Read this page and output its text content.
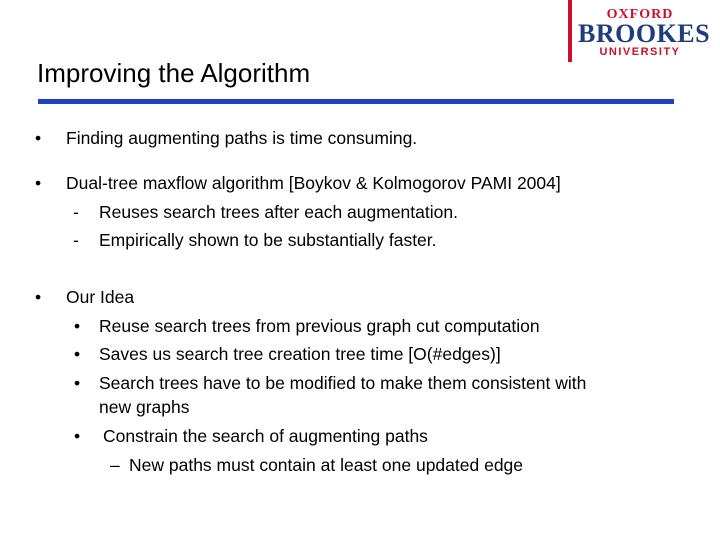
OXFORD
BROOKES
UNIVERSITY
Improving the Algorithm
• Finding augmenting paths is time consuming.
• Dual-tree maxflow algorithm [Boykov & Kolmogorov PAMI 2004]
- Reuses search trees after each augmentation.
- Empirically shown to be substantially faster.
• Our Idea
• Reuse search trees from previous graph cut computation
• Saves us search tree creation tree time [O(#edges)]
• Search trees have to be modified to make them consistent with
new graphs
• Constrain the search of augmenting paths
– New paths must contain at least one updated edge
